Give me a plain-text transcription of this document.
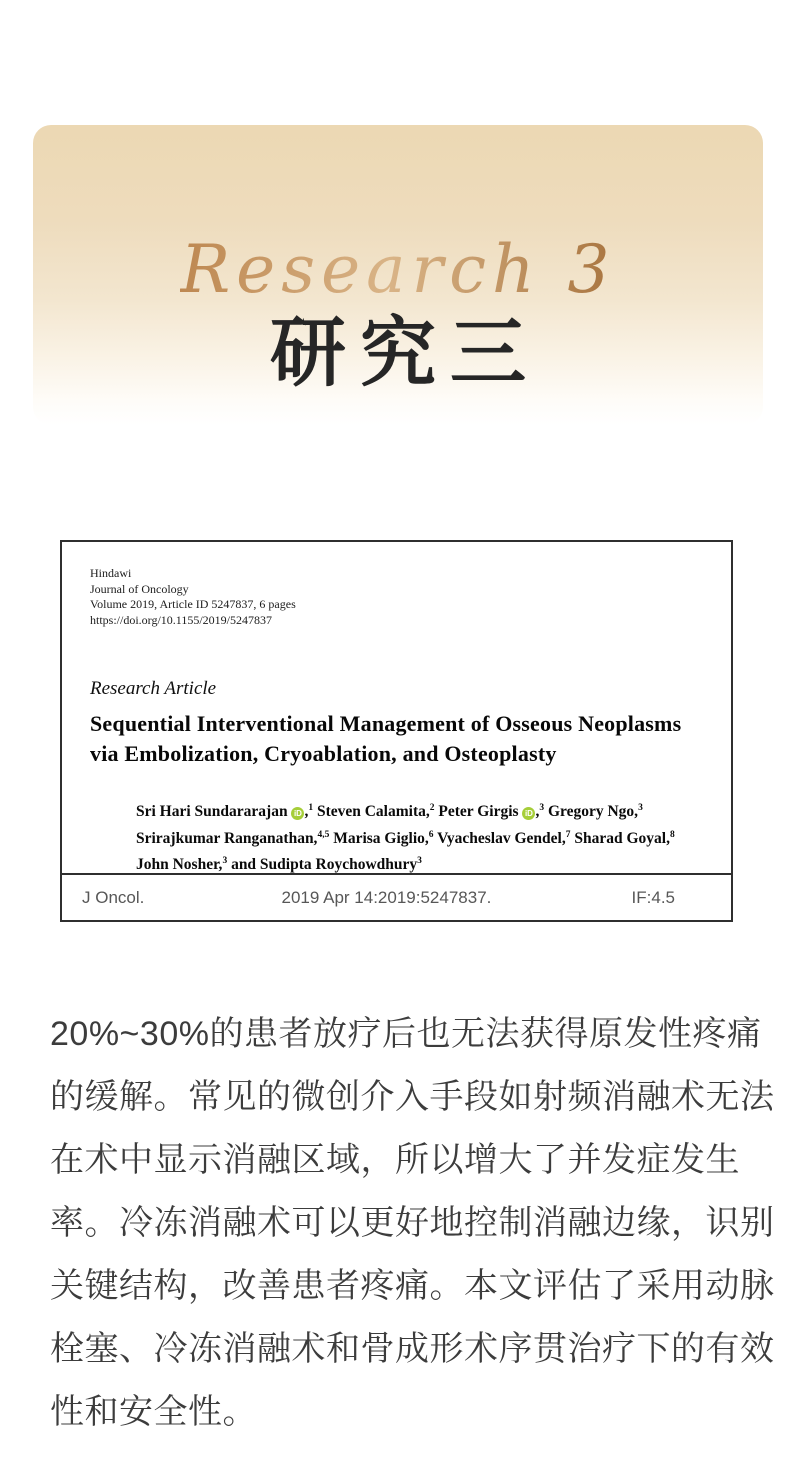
Research 3
研究三
Hindawi
Journal of Oncology
Volume 2019, Article ID 5247837, 6 pages
https://doi.org/10.1155/2019/5247837
Research Article
Sequential Interventional Management of Osseous Neoplasms
via Embolization, Cryoablation, and Osteoplasty
Sri Hari Sundararajan iD ,$^1$ Steven Calamita,$^2$ Peter Girgis iD ,$^3$ Gregory Ngo,$^3$
Srirajkumar Ranganathan,$^{4,5}$ Marisa Giglio,$^6$ Vyacheslav Gendel,$^7$ Sharad Goyal,$^8$
John Nosher,$^3$ and Sudipta Roychowdhury$^3$
J Oncol.	2019 Apr 14:2019:5247837.	IF:4.5
20%~30%的患者放疗后也无法获得原发性疼痛
的缓解。常见的微创介入手段如射频消融术无法
在术中显示消融区域，所以增大了并发症发生
率。冷冻消融术可以更好地控制消融边缘，识别
关键结构，改善患者疼痛。本文评估了采用动脉
栓塞、冷冻消融术和骨成形术序贯治疗下的有效
性和安全性。
